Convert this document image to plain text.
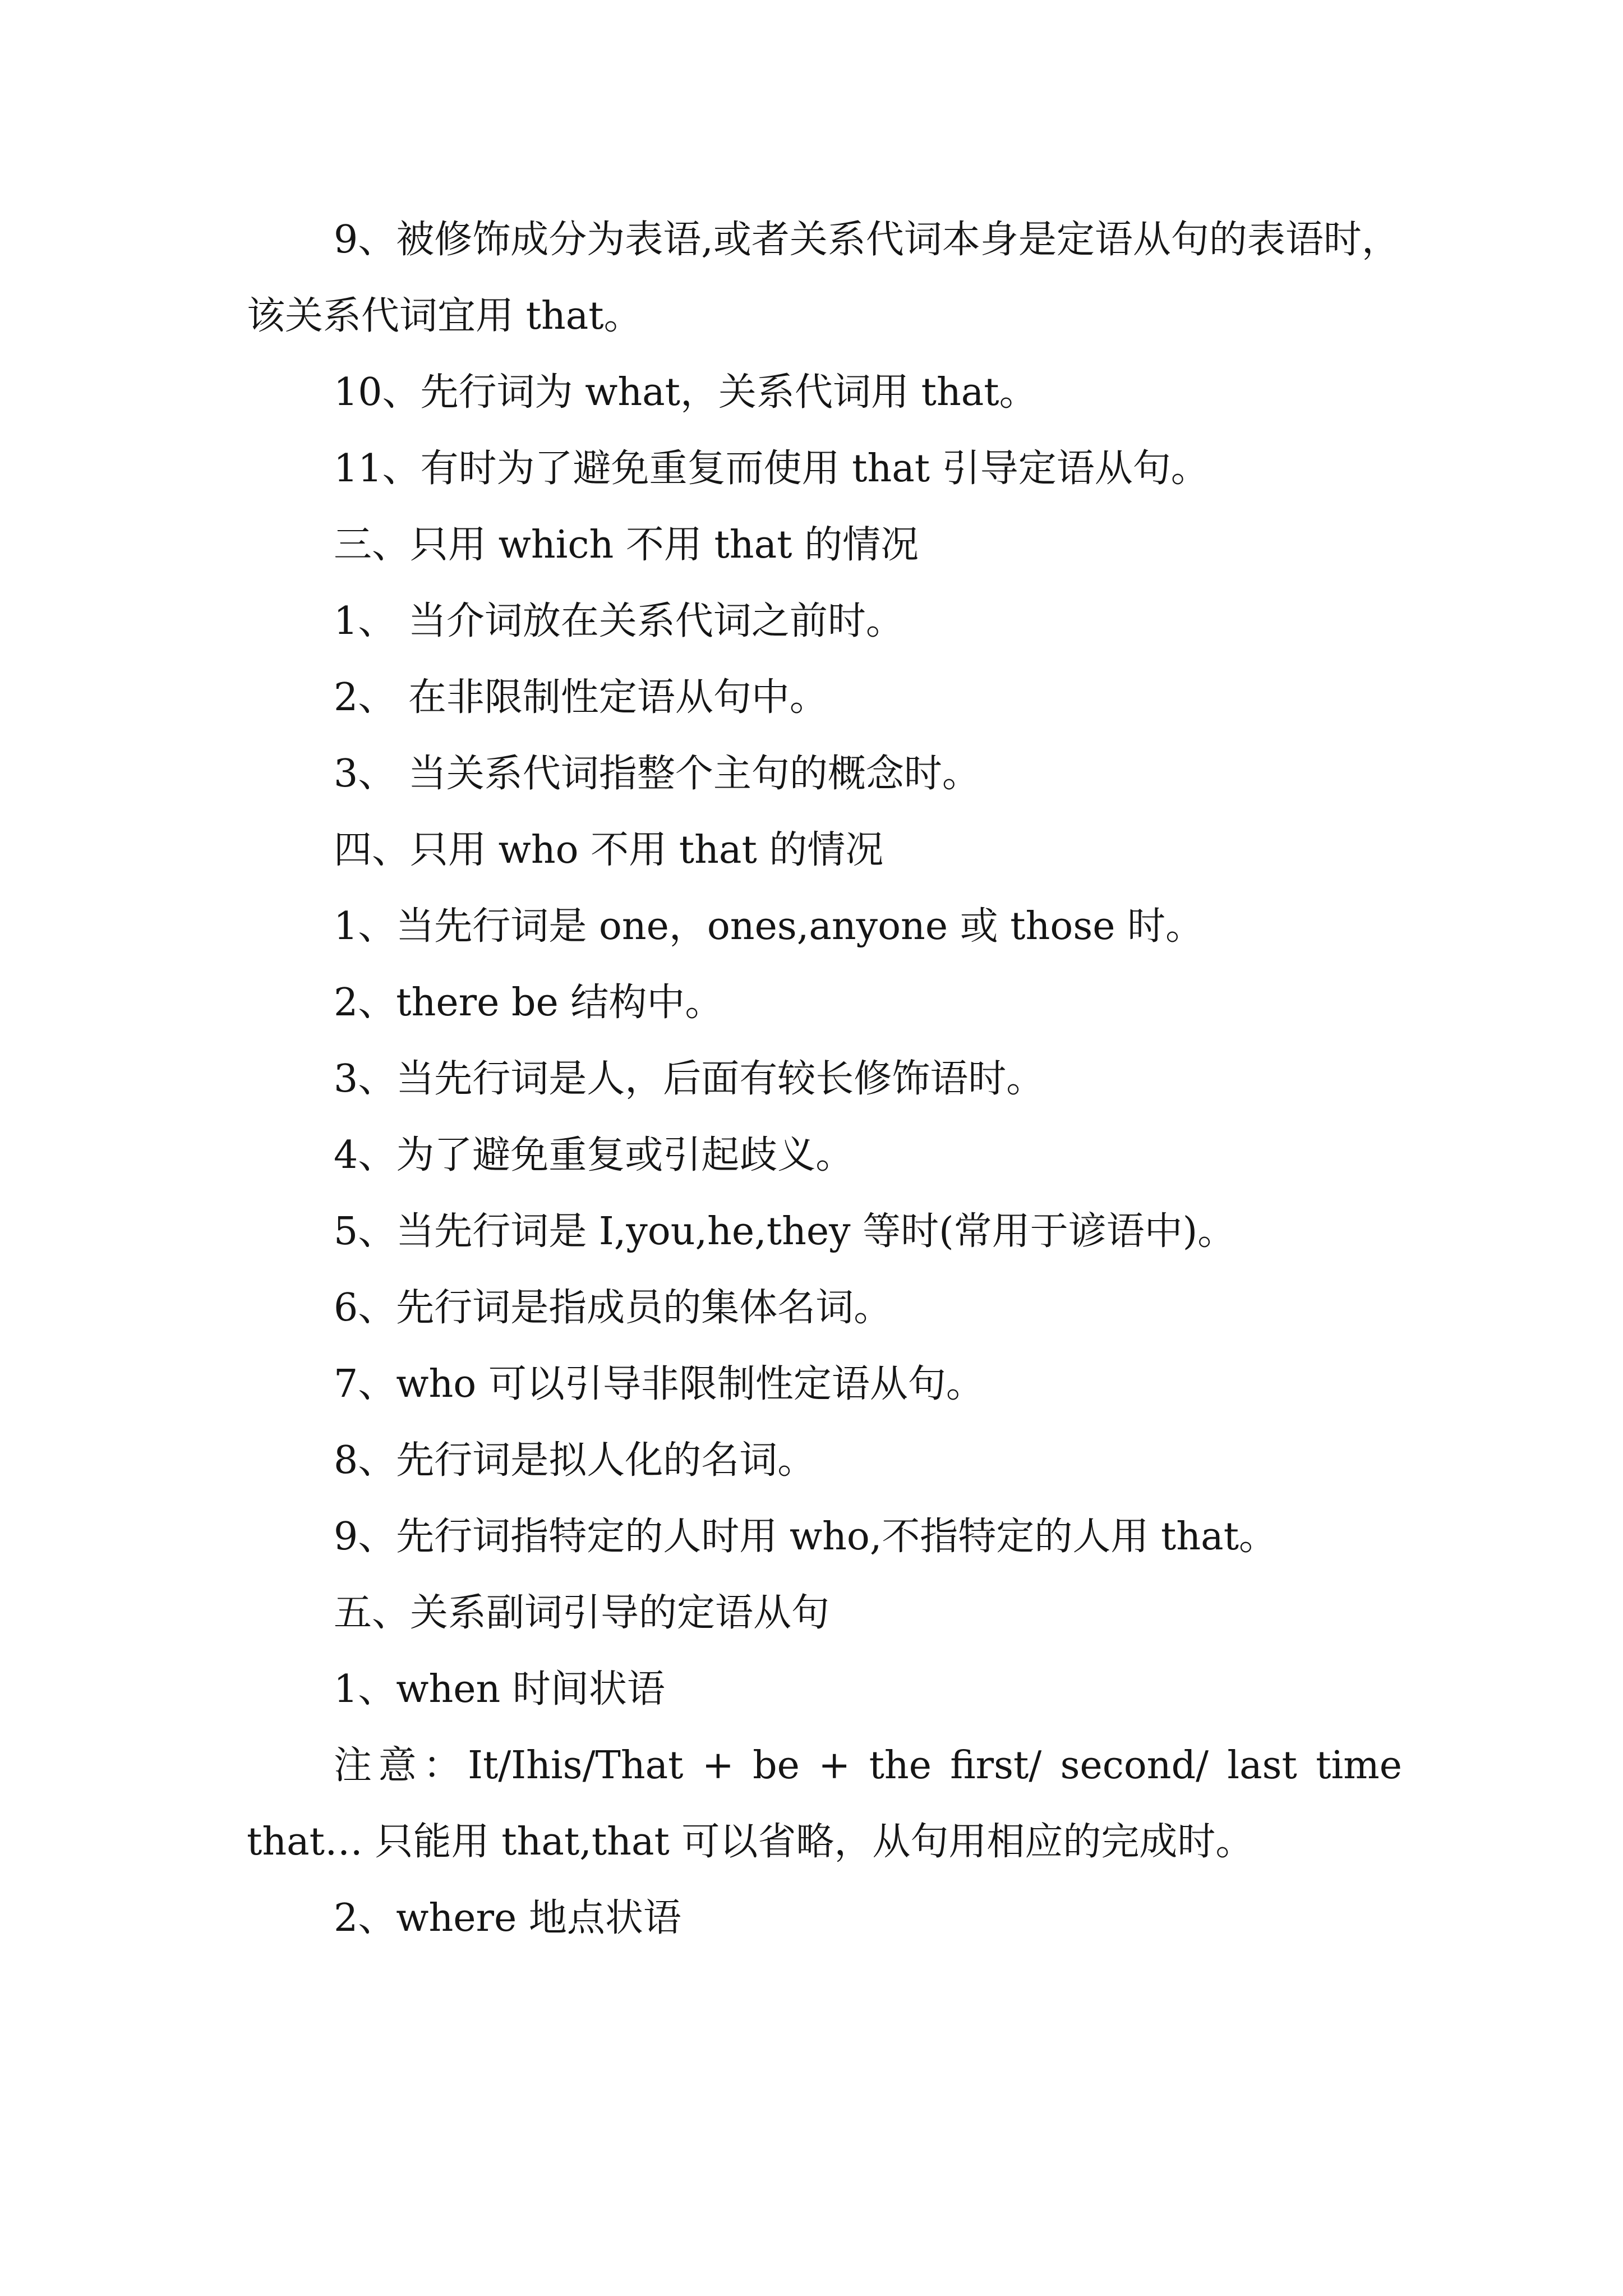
9、被修饰成分为表语,或者关系代词本身是定语从句的表语时，该关系代词宜用 that。

10、先行词为 what，关系代词用 that。

11、有时为了避免重复而使用 that 引导定语从句。

三、只用 which 不用 that 的情况

1、 当介词放在关系代词之前时。

2、 在非限制性定语从句中。

3、 当关系代词指整个主句的概念时。

四、只用 who 不用 that 的情况

1、当先行词是 one，ones,anyone 或 those 时。

2、there be 结构中。

3、当先行词是人，后面有较长修饰语时。

4、为了避免重复或引起歧义。

5、当先行词是 I,you,he,they 等时(常用于谚语中)。

6、先行词是指成员的集体名词。

7、who 可以引导非限制性定语从句。

8、先行词是拟人化的名词。

9、先行词指特定的人时用 who,不指特定的人用 that。

五、关系副词引导的定语从句

1、when 时间状语

注意：It/Ihis/That + be + the first/ second/ last time that… 只能用 that,that 可以省略，从句用相应的完成时。

2、where 地点状语
